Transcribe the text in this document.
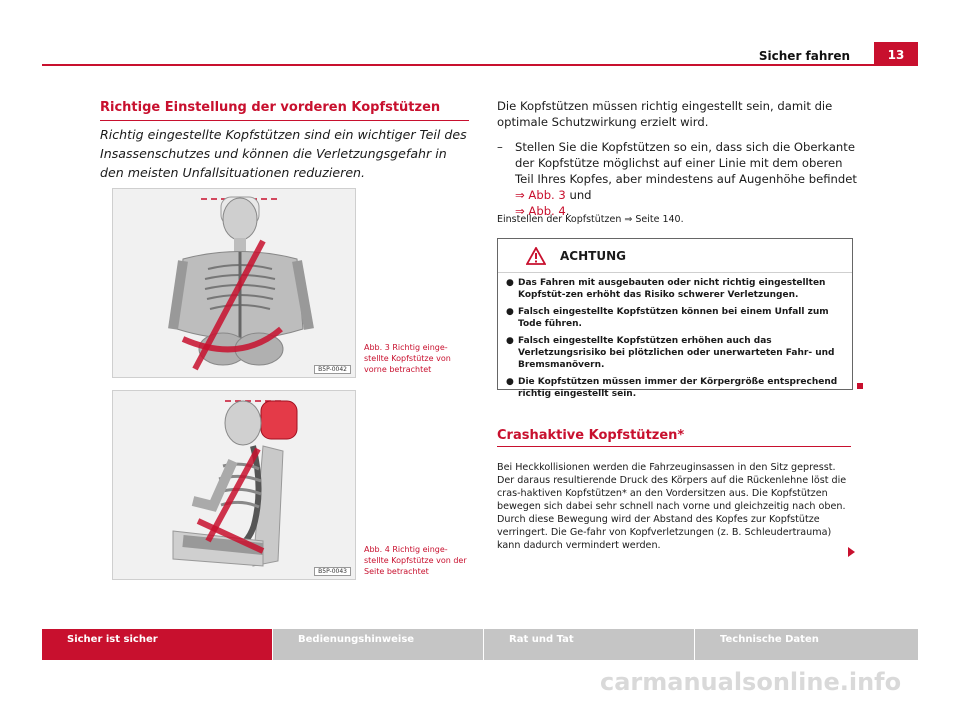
Sicher fahren	13
Richtige Einstellung der vorderen Kopfstützen
Richtig eingestellte Kopfstützen sind ein wichtiger Teil des Insassenschutzes und können die Verletzungsgefahr in den meisten Unfallsituationen reduzieren.
B5P-0042
Abb. 3 Richtig einge-stellte Kopfstütze von vorne betrachtet
B5P-0043
Abb. 4 Richtig einge-stellte Kopfstütze von der Seite betrachtet
Die Kopfstützen müssen richtig eingestellt sein, damit die optimale Schutzwirkung erzielt wird.
– Stellen Sie die Kopfstützen so ein, dass sich die Oberkante der Kopfstütze möglichst auf einer Linie mit dem oberen Teil Ihres Kopfes, aber mindestens auf Augenhöhe befindet ⇒ Abb. 3 und
⇒ Abb. 4.
Einstellen der Kopfstützen ⇒ Seite 140.
ACHTUNG
● Das Fahren mit ausgebauten oder nicht richtig eingestellten Kopfstüt-zen erhöht das Risiko schwerer Verletzungen.
● Falsch eingestellte Kopfstützen können bei einem Unfall zum Tode führen.
● Falsch eingestellte Kopfstützen erhöhen auch das Verletzungsrisiko bei plötzlichen oder unerwarteten Fahr- und Bremsmanövern.
● Die Kopfstützen müssen immer der Körpergröße entsprechend richtig eingestellt sein.
Crashaktive Kopfstützen*
Bei Heckkollisionen werden die Fahrzeuginsassen in den Sitz gepresst. Der daraus resultierende Druck des Körpers auf die Rückenlehne löst die cras-haktiven Kopfstützen* an den Vordersitzen aus. Die Kopfstützen bewegen sich dabei sehr schnell nach vorne und gleichzeitig nach oben. Durch diese Bewegung wird der Abstand des Kopfes zur Kopfstütze verringert. Die Ge-fahr von Kopfverletzungen (z. B. Schleudertrauma) kann dadurch vermindert werden.
Sicher ist sicher	Bedienungshinweise	Rat und Tat	Technische Daten
carmanualsonline.info
